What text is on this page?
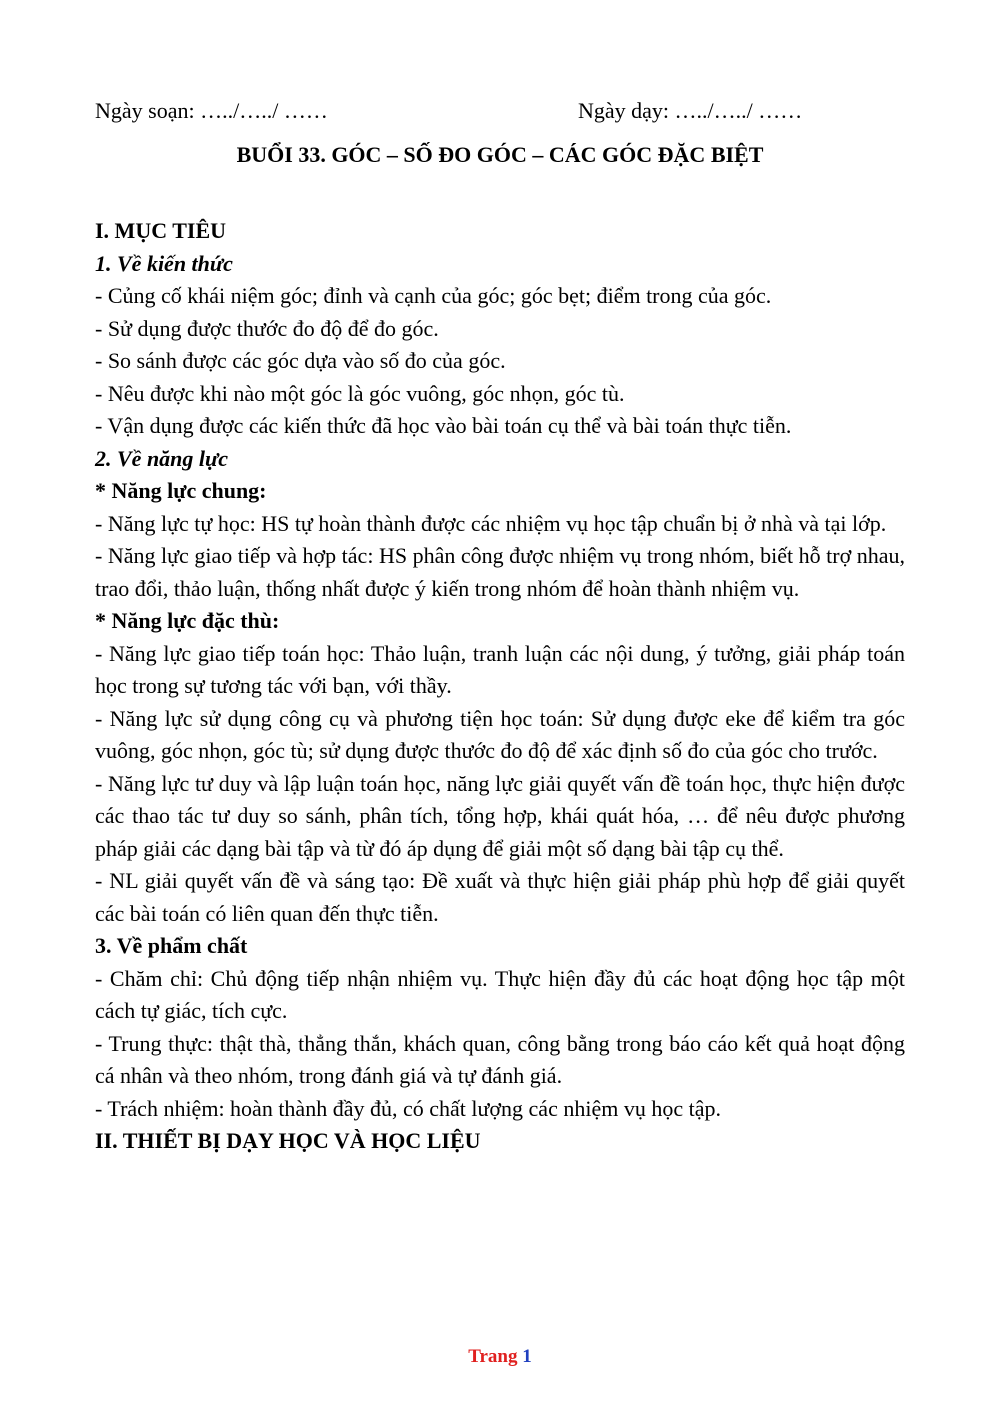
Ngày soạn: …../…../ ……	Ngày dạy: …../…../ ……
BUỔI 33. GÓC – SỐ ĐO GÓC – CÁC GÓC ĐẶC BIỆT

I. MỤC TIÊU

1. Về kiến thức

- Củng cố khái niệm góc; đỉnh và cạnh của góc; góc bẹt; điểm trong của góc.

- Sử dụng được thước đo độ để đo góc.

- So sánh được các góc dựa vào số đo của góc.

- Nêu được khi nào một góc là góc vuông, góc nhọn, góc tù.

- Vận dụng được các kiến thức đã học vào bài toán cụ thể và bài toán thực tiễn.

2. Về năng lực

* Năng lực chung:

- Năng lực tự học: HS tự hoàn thành được các nhiệm vụ học tập chuẩn bị ở nhà và tại lớp.

- Năng lực giao tiếp và hợp tác: HS phân công được nhiệm vụ trong nhóm, biết hỗ trợ nhau, trao đổi, thảo luận, thống nhất được ý kiến trong nhóm để hoàn thành nhiệm vụ.

* Năng lực đặc thù:

- Năng lực giao tiếp toán học: Thảo luận, tranh luận các nội dung, ý tưởng, giải pháp toán học trong sự tương tác với bạn, với thầy.

- Năng lực sử dụng công cụ và phương tiện học toán: Sử dụng được eke để kiểm tra góc vuông, góc nhọn, góc tù; sử dụng được thước đo độ để xác định số đo của góc cho trước.

- Năng lực tư duy và lập luận toán học, năng lực giải quyết vấn đề toán học, thực hiện được các thao tác tư duy so sánh, phân tích, tổng hợp, khái quát hóa, … để nêu được phương pháp giải các dạng bài tập và từ đó áp dụng để giải một số dạng bài tập cụ thể.

- NL giải quyết vấn đề và sáng tạo: Đề xuất và thực hiện giải pháp phù hợp để giải quyết các bài toán có liên quan đến thực tiễn.

3. Về phẩm chất

- Chăm chỉ: Chủ động tiếp nhận nhiệm vụ. Thực hiện đầy đủ các hoạt động học tập một cách tự giác, tích cực.

- Trung thực: thật thà, thẳng thắn, khách quan, công bằng trong báo cáo kết quả hoạt động cá nhân và theo nhóm, trong đánh giá và tự đánh giá.

- Trách nhiệm: hoàn thành đầy đủ, có chất lượng các nhiệm vụ học tập.

II. THIẾT BỊ DẠY HỌC VÀ HỌC LIỆU

Trang 1
